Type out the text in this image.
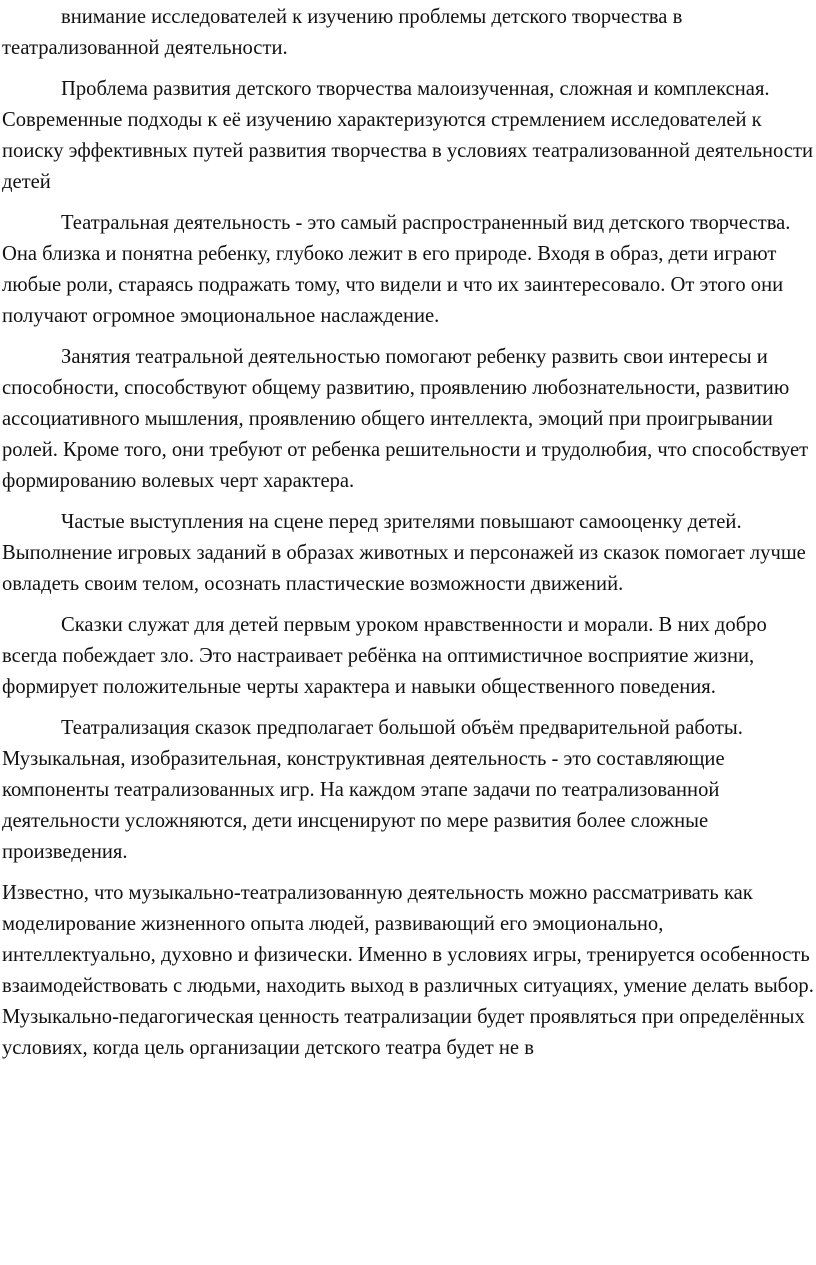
внимание исследователей к изучению проблемы детского творчества в театрализованной деятельности.

Проблема развития детского творчества малоизученная, сложная и комплексная. Современные подходы к её изучению характеризуются стремлением исследователей к поиску эффективных путей развития творчества в условиях театрализованной деятельности детей

Театральная деятельность - это самый распространенный вид детского творчества. Она близка и понятна ребенку, глубоко лежит в его природе. Входя в образ, дети играют любые роли, стараясь подражать тому, что видели и что их заинтересовало. От этого они получают огромное эмоциональное наслаждение.

Занятия театральной деятельностью помогают ребенку развить свои интересы и способности, способствуют общему развитию, проявлению любознательности, развитию ассоциативного мышления, проявлению общего интеллекта, эмоций при проигрывании ролей. Кроме того, они требуют от ребенка решительности и трудолюбия, что способствует формированию волевых черт характера.

Частые выступления на сцене перед зрителями повышают самооценку детей. Выполнение игровых заданий в образах животных и персонажей из сказок помогает лучше овладеть своим телом, осознать пластические возможности движений.

Сказки служат для детей первым уроком нравственности и морали. В них добро всегда побеждает зло. Это настраивает ребёнка на оптимистичное восприятие жизни, формирует положительные черты характера и навыки общественного поведения.

Театрализация сказок предполагает большой объём предварительной работы.

Музыкальная, изобразительная, конструктивная деятельность - это составляющие компоненты театрализованных игр. На каждом этапе задачи по театрализованной деятельности усложняются, дети инсценируют по мере развития более сложные произведения.

Известно, что музыкально-театрализованную деятельность можно рассматривать как моделирование жизненного опыта людей, развивающий его эмоционально, интеллектуально, духовно и физически. Именно в условиях игры, тренируется особенность взаимодействовать с людьми, находить выход в различных ситуациях, умение делать выбор. Музыкально-педагогическая ценность театрализации будет проявляться при определённых условиях, когда цель организации детского театра будет не в
